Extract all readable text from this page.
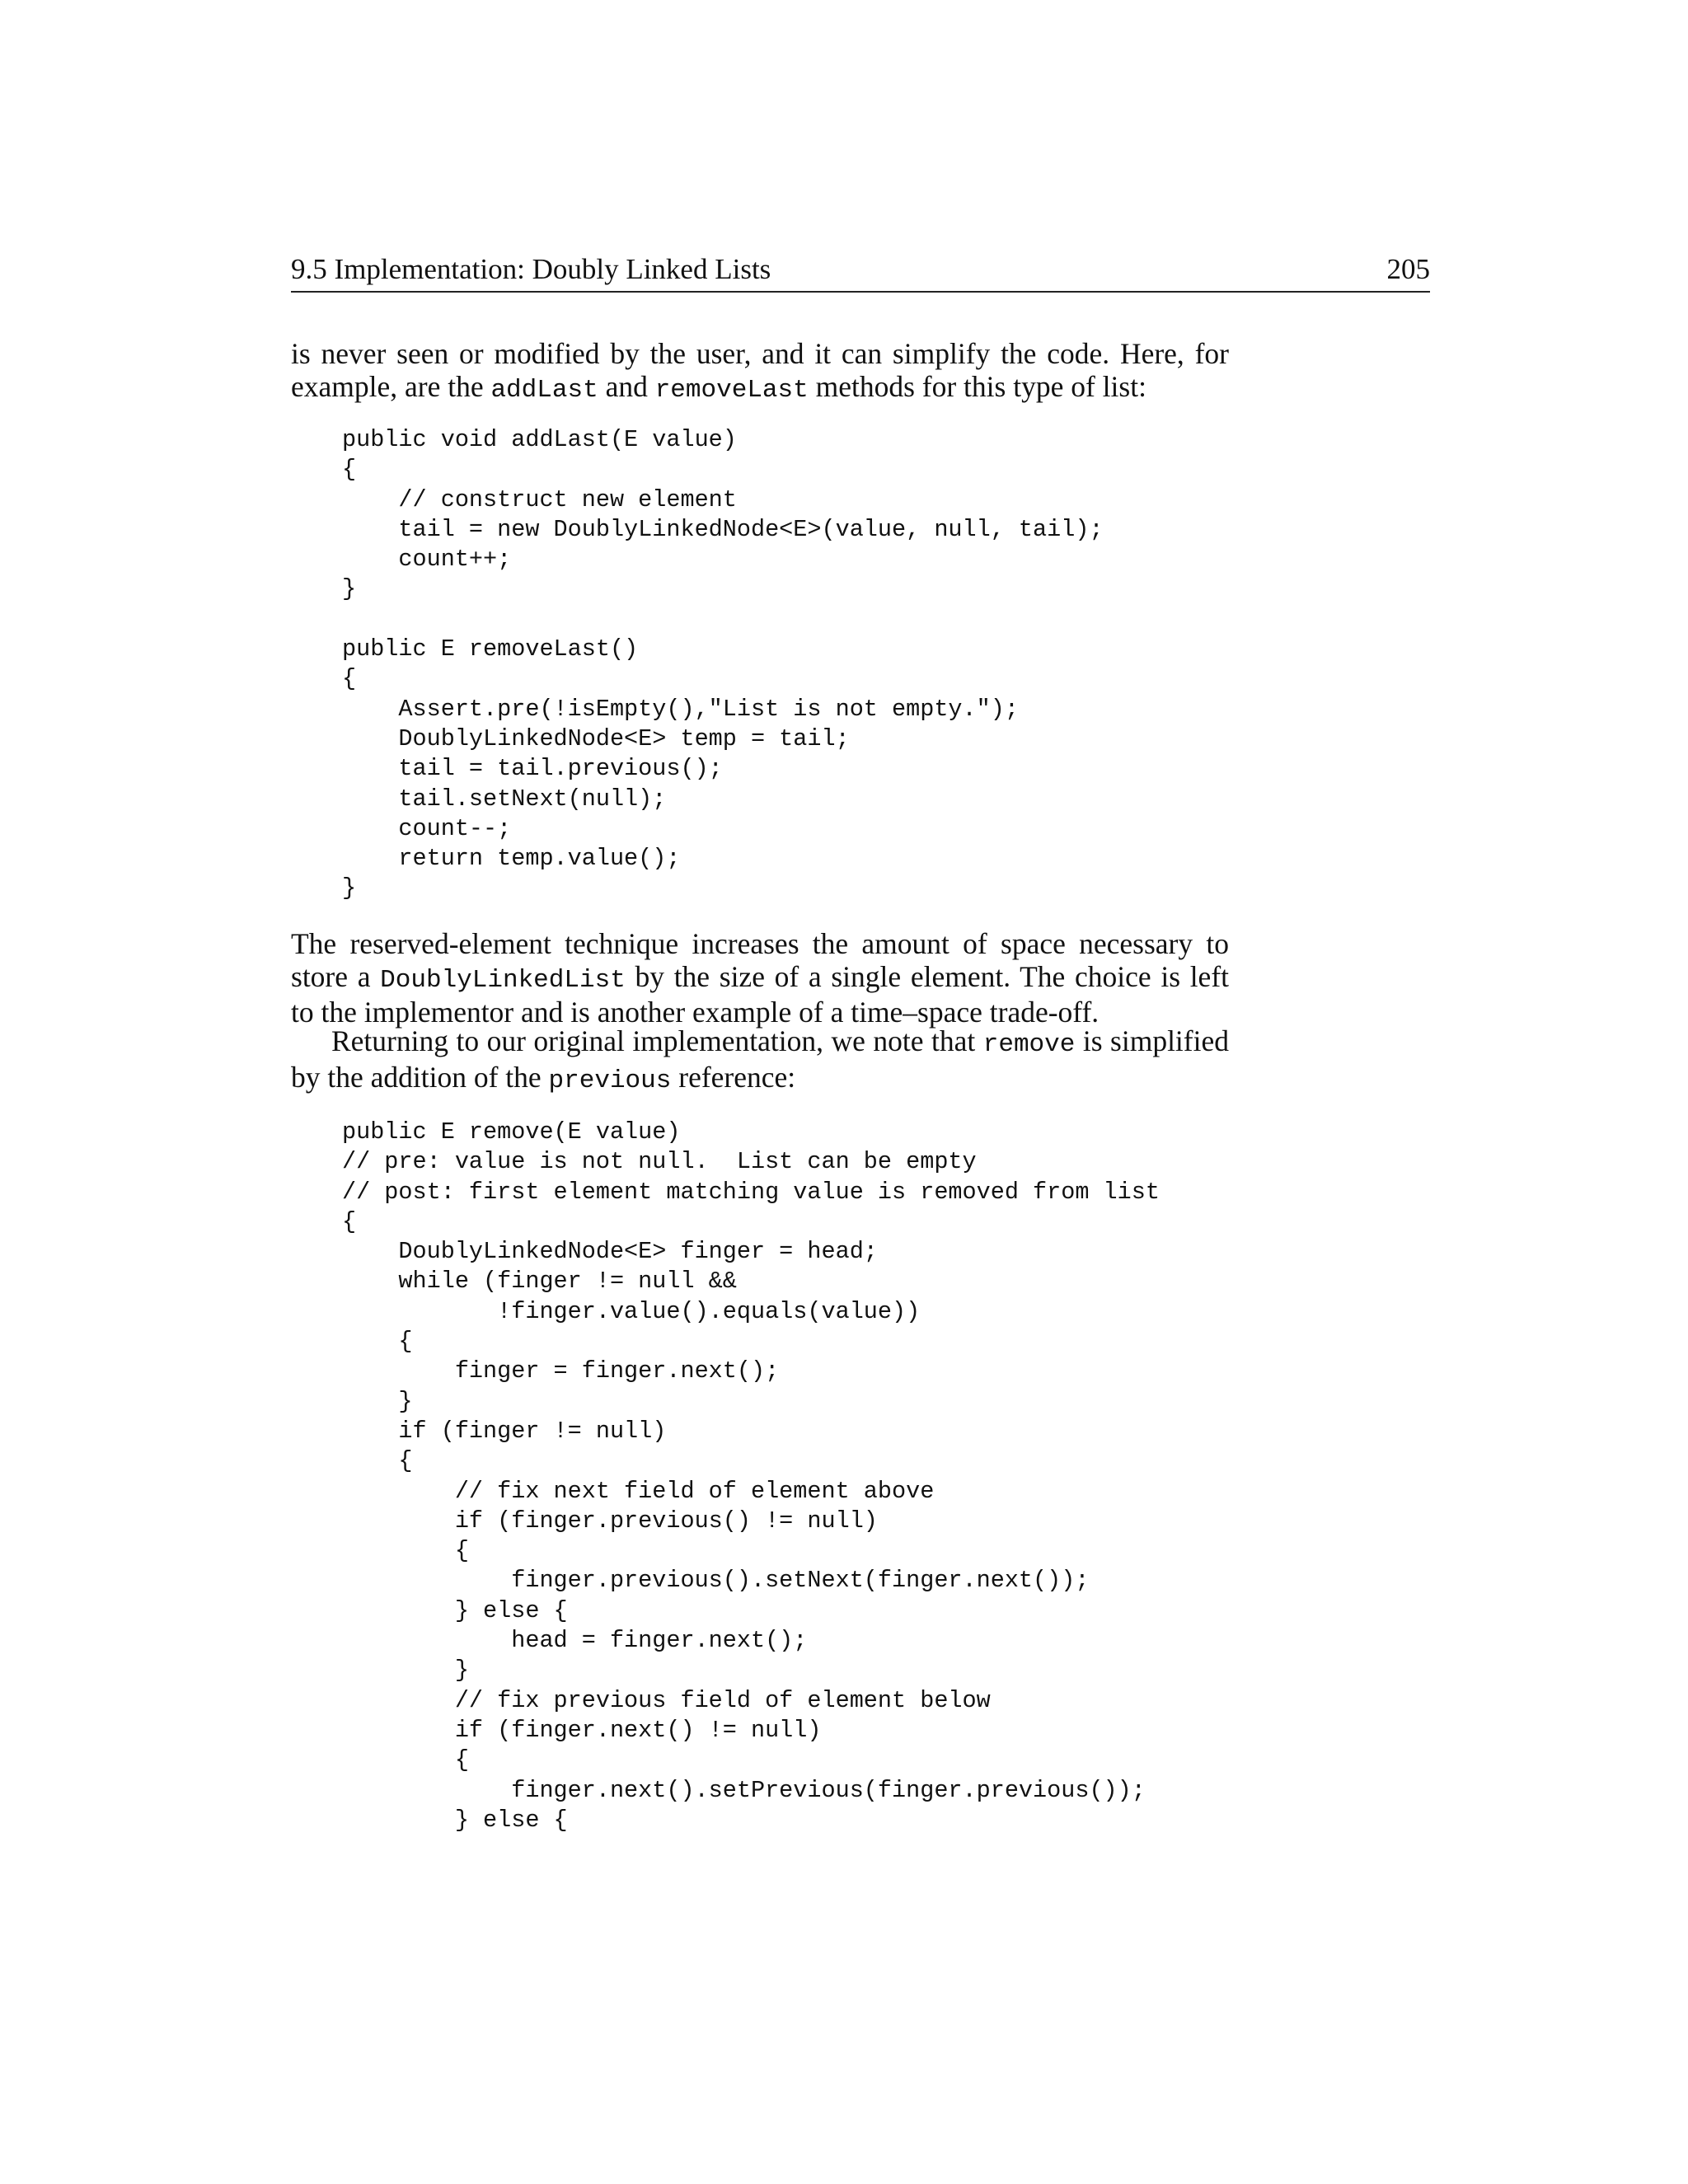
9.5 Implementation: Doubly Linked Lists	205

is never seen or modified by the user, and it can simplify the code. Here, for
example, are the addLast and removeLast methods for this type of list:

public void addLast(E value)
{
// construct new element
tail = new DoublyLinkedNode<E>(value, null, tail);
count++;
}
public E removeLast()
{
Assert.pre(!isEmpty(),"List is not empty.");
DoublyLinkedNode<E> temp = tail;
tail = tail.previous();
tail.setNext(null);
count--;
return temp.value();
}

The reserved-element technique increases the amount of space necessary to
store a DoublyLinkedList by the size of a single element. The choice is left
to the implementor and is another example of a time–space trade-off.

Returning to our original implementation, we note that remove is simplified
by the addition of the previous reference:

public E remove(E value)
// pre: value is not null.  List can be empty
// post: first element matching value is removed from list
{
DoublyLinkedNode<E> finger = head;
while (finger != null &&
!finger.value().equals(value))
{
finger = finger.next();
}
if (finger != null)
{
// fix next field of element above
if (finger.previous() != null)
{
finger.previous().setNext(finger.next());
} else {
head = finger.next();
}
// fix previous field of element below
if (finger.next() != null)
{
finger.next().setPrevious(finger.previous());
} else {
